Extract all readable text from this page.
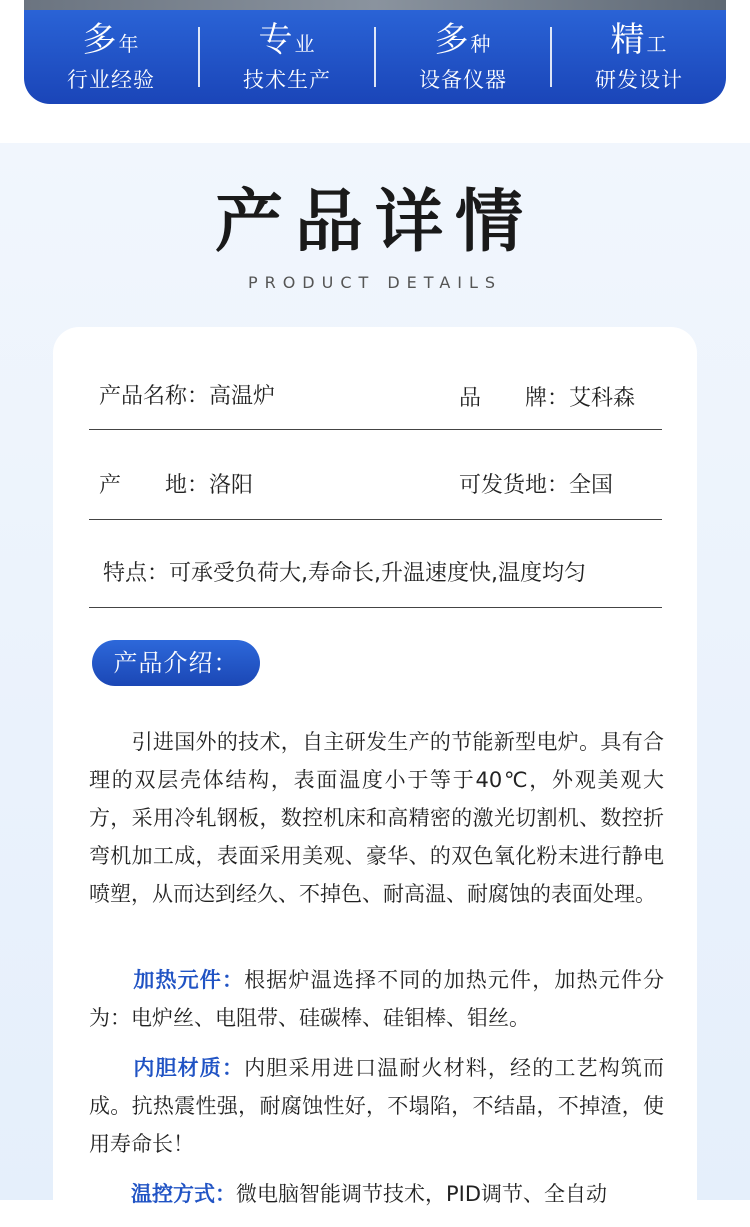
多年
行业经验
专业
技术生产
多种
设备仪器
精工
研发设计
产品详情
PRODUCT DETAILS
产品名称：高温炉	品　　牌：艾科森
产　　地：洛阳	可发货地：全国
特点：可承受负荷大,寿命长,升温速度快,温度均匀
产品介绍：
　　引进国外的技术，自主研发生产的节能新型电炉。具有合理的双层壳体结构，表面温度小于等于40℃，外观美观大方，采用冷轧钢板，数控机床和高精密的激光切割机、数控折弯机加工成，表面采用美观、豪华、的双色氧化粉末进行静电喷塑，从而达到经久、不掉色、耐高温、耐腐蚀的表面处理。
　　加热元件：根据炉温选择不同的加热元件，加热元件分为：电炉丝、电阻带、硅碳棒、硅钼棒、钼丝。
　　内胆材质：内胆采用进口温耐火材料，经的工艺构筑而成。抗热震性强，耐腐蚀性好，不塌陷，不结晶，不掉渣，使用寿命长！
　　温控方式：微电脑智能调节技术，PID调节、全自动
